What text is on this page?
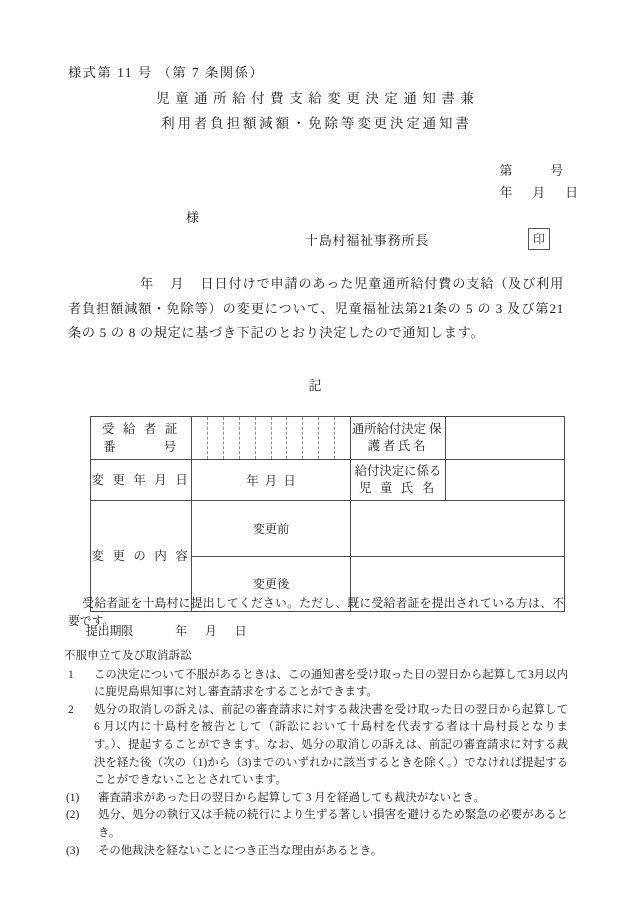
様式第 11 号 （第 7 条関係）
児童通所給付費支給変更決定通知書兼
利用者負担額減額・免除等変更決定通知書
第	号
年 月 日
様
十島村福祉事務所長	印
年 月 日日付けで申請のあった児童通所給付費の支給（及び利用者負担額減額・免除等）の変更について、児童福祉法第21条の 5 の 3 及び第21条の 5 の 8 の規定に基づき下記のとおり決定したので通知します。
記
受 給 者 証
番　　　号		通所給付決定 保護者氏名	
変 更 年 月 日	年月日	給付決定に係る 児 童 氏 名	
変 更 の 内 容	変更前		
	変更後		
受給者証を十島村に提出してください。ただし、既に受給者証を提出されている方は、不要です。
提出期限	年 月 日
不服申立て及び取消訴訟
1	この決定について不服があるときは、この通知書を受け取った日の翌日から起算して3月以内に鹿児島県知事に対し審査請求をすることができます。
2	処分の取消しの訴えは、前記の審査請求に対する裁決書を受け取った日の翌日から起算して 6 月以内に十島村を被告として（訴訟において十島村を代表する者は十島村長となります。）、提起することができます。なお、処分の取消しの訴えは、前記の審査請求に対する裁決を経た後（次の（1)から（3)までのいずれかに該当するときを除く。）でなければ提起することができないこととされています。
(1)	審査請求があった日の翌日から起算して 3 月を経過しても裁決がないとき。
(2)	処分、処分の執行又は手続の続行により生ずる著しい損害を避けるため緊急の必要があるとき。
(3)	その他裁決を経ないことにつき正当な理由があるとき。
